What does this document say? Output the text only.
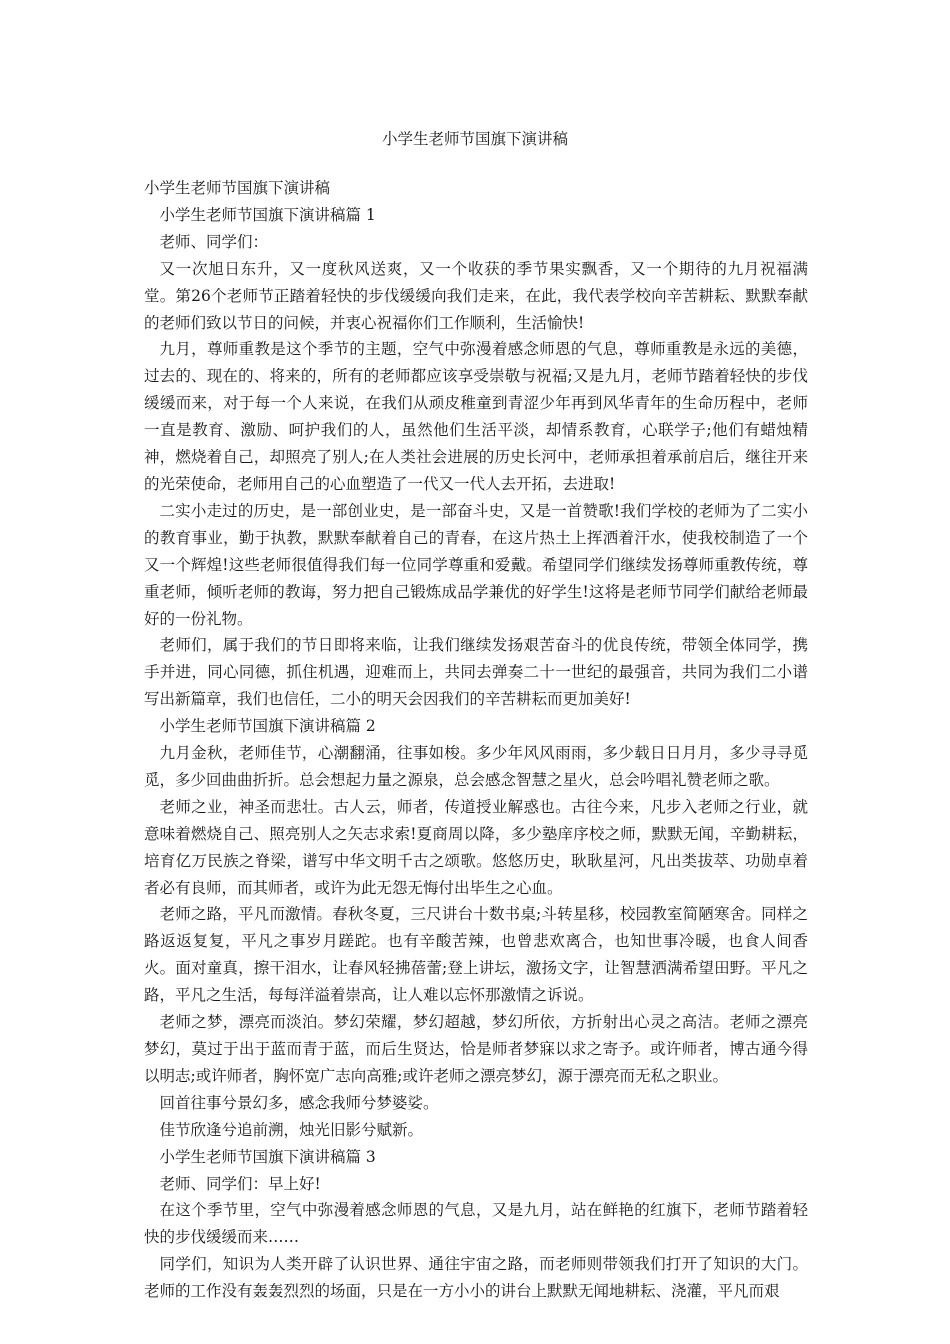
小学生老师节国旗下演讲稿

小学生老师节国旗下演讲稿

小学生老师节国旗下演讲稿篇 1

老师、同学们：

又一次旭日东升，又一度秋风送爽，又一个收获的季节果实飘香，又一个期待的九月祝福满堂。第26个老师节正踏着轻快的步伐缓缓向我们走来，在此，我代表学校向辛苦耕耘、默默奉献的老师们致以节日的问候，并衷心祝福你们工作顺利，生活愉快!

九月，尊师重教是这个季节的主题，空气中弥漫着感念师恩的气息，尊师重教是永远的美德，过去的、现在的、将来的，所有的老师都应该享受崇敬与祝福;又是九月，老师节踏着轻快的步伐缓缓而来，对于每一个人来说，在我们从顽皮稚童到青涩少年再到风华青年的生命历程中，老师一直是教育、激励、呵护我们的人，虽然他们生活平淡，却情系教育，心联学子;他们有蜡烛精神，燃烧着自己，却照亮了别人;在人类社会进展的历史长河中，老师承担着承前启后，继往开来的光荣使命，老师用自己的心血塑造了一代又一代人去开拓，去进取!

二实小走过的历史，是一部创业史，是一部奋斗史，又是一首赞歌!我们学校的老师为了二实小的教育事业，勤于执教，默默奉献着自己的青春，在这片热土上挥洒着汗水，使我校制造了一个又一个辉煌!这些老师很值得我们每一位同学尊重和爱戴。希望同学们继续发扬尊师重教传统，尊重老师，倾听老师的教诲，努力把自己锻炼成品学兼优的好学生!这将是老师节同学们献给老师最好的一份礼物。

老师们，属于我们的节日即将来临，让我们继续发扬艰苦奋斗的优良传统，带领全体同学，携手并进，同心同德，抓住机遇，迎难而上，共同去弹奏二十一世纪的最强音，共同为我们二小谱写出新篇章，我们也信任，二小的明天会因我们的辛苦耕耘而更加美好!

小学生老师节国旗下演讲稿篇 2

九月金秋，老师佳节，心潮翻涌，往事如梭。多少年风风雨雨，多少载日日月月，多少寻寻觅觅，多少回曲曲折折。总会想起力量之源泉，总会感念智慧之星火，总会吟唱礼赞老师之歌。

老师之业，神圣而悲壮。古人云，师者，传道授业解惑也。古往今来，凡步入老师之行业，就意味着燃烧自己、照亮别人之矢志求索!夏商周以降，多少塾庠序校之师，默默无闻，辛勤耕耘，培育亿万民族之脊梁，谱写中华文明千古之颂歌。悠悠历史，耿耿星河，凡出类拔萃、功勋卓着者必有良师，而其师者，或许为此无怨无悔付出毕生之心血。

老师之路，平凡而激情。春秋冬夏，三尺讲台十数书桌;斗转星移，校园教室简陋寒舍。同样之路返返复复，平凡之事岁月蹉跎。也有辛酸苦辣，也曾悲欢离合，也知世事冷暖，也食人间香火。面对童真，擦干泪水，让春风轻拂蓓蕾;登上讲坛，激扬文字，让智慧洒满希望田野。平凡之路，平凡之生活，每每洋溢着崇高，让人难以忘怀那激情之诉说。

老师之梦，漂亮而淡泊。梦幻荣耀，梦幻超越，梦幻所依，方折射出心灵之高洁。老师之漂亮梦幻，莫过于出于蓝而青于蓝，而后生贤达，恰是师者梦寐以求之寄予。或许师者，博古通今得以明志;或许师者，胸怀宽广志向高雅;或许老师之漂亮梦幻，源于漂亮而无私之职业。

回首往事兮景幻多，感念我师兮梦婆娑。

佳节欣逢兮追前溯，烛光旧影兮赋新。

小学生老师节国旗下演讲稿篇 3

老师、同学们：早上好!

在这个季节里，空气中弥漫着感念师恩的气息，又是九月，站在鲜艳的红旗下，老师节踏着轻快的步伐缓缓而来……

同学们，知识为人类开辟了认识世界、通往宇宙之路，而老师则带领我们打开了知识的大门。老师的工作没有轰轰烈烈的场面，只是在一方小小的讲台上默默无闻地耕耘、浇灌，平凡而艰
